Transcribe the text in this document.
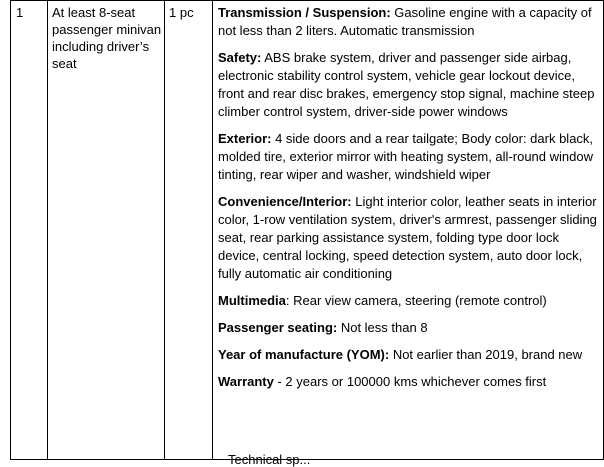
1	At least 8-seat passenger minivan including driver’s seat
1 pc	Transmission / Suspension: Gasoline engine with a capacity of not less than 2 liters. Automatic transmission
Safety: ABS brake system, driver and passenger side airbag, electronic stability control system, vehicle gear lockout device, front and rear disc brakes, emergency stop signal, machine steep climber control system, driver-side power windows
Exterior: 4 side doors and a rear tailgate; Body color: dark black, molded tire, exterior mirror with heating system, all-round window tinting, rear wiper and washer, windshield wiper
Convenience/Interior: Light interior color, leather seats in interior color, 1-row ventilation system, driver's armrest, passenger sliding seat, rear parking assistance system, folding type door lock device, central locking, speed detection system, auto door lock, fully automatic air conditioning
Multimedia: Rear view camera, steering (remote control)
Passenger seating: Not less than 8
Year of manufacture (YOM): Not earlier than 2019, brand new
Warranty - 2 years or 100000 kms whichever comes first
Technical sp...
